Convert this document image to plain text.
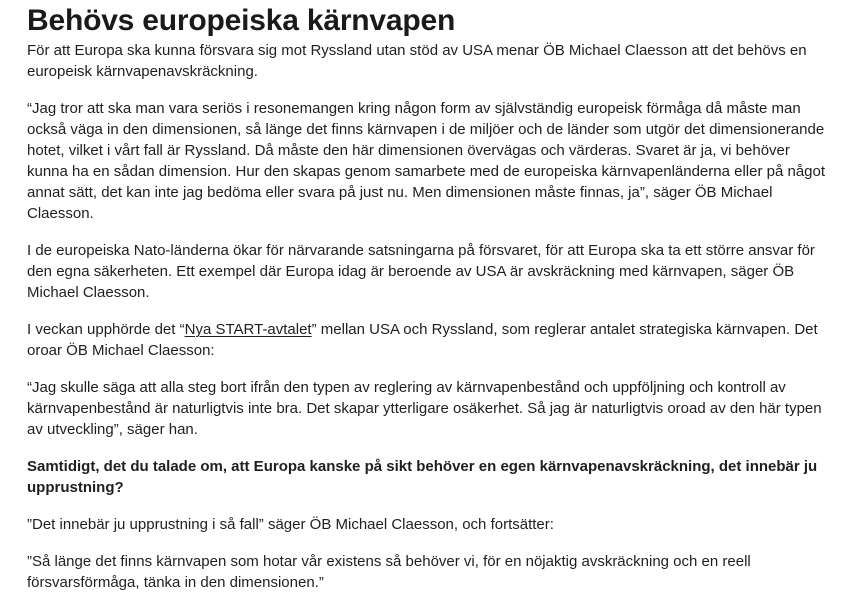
Behövs europeiska kärnvapen

För att Europa ska kunna försvara sig mot Ryssland utan stöd av USA menar ÖB Michael Claesson att det behövs en europeisk kärnvapenavskräckning.

“Jag tror att ska man vara seriös i resonemangen kring någon form av självständig europeisk förmåga då måste man också väga in den dimensionen, så länge det finns kärnvapen i de miljöer och de länder som utgör det dimensionerande hotet, vilket i vårt fall är Ryssland. Då måste den här dimensionen övervägas och värderas. Svaret är ja, vi behöver kunna ha en sådan dimension. Hur den skapas genom samarbete med de europeiska kärnvapenländerna eller på något annat sätt, det kan inte jag bedöma eller svara på just nu. Men dimensionen måste finnas, ja”, säger ÖB Michael Claesson.

I de europeiska Nato-länderna ökar för närvarande satsningarna på försvaret, för att Europa ska ta ett större ansvar för den egna säkerheten. Ett exempel där Europa idag är beroende av USA är avskräckning med kärnvapen, säger ÖB Michael Claesson.

I veckan upphörde det “Nya START-avtalet” mellan USA och Ryssland, som reglerar antalet strategiska kärnvapen. Det oroar ÖB Michael Claesson:

“Jag skulle säga att alla steg bort ifrån den typen av reglering av kärnvapenbestånd och uppföljning och kontroll av kärnvapenbestånd är naturligtvis inte bra. Det skapar ytterligare osäkerhet. Så jag är naturligtvis oroad av den här typen av utveckling”, säger han.

Samtidigt, det du talade om, att Europa kanske på sikt behöver en egen kärnvapenavskräckning, det innebär ju upprustning?

”Det innebär ju upprustning i så fall” säger ÖB Michael Claesson, och fortsätter:

”Så länge det finns kärnvapen som hotar vår existens så behöver vi, för en nöjaktig avskräckning och en reell försvarsförmåga, tänka in den dimensionen.”
